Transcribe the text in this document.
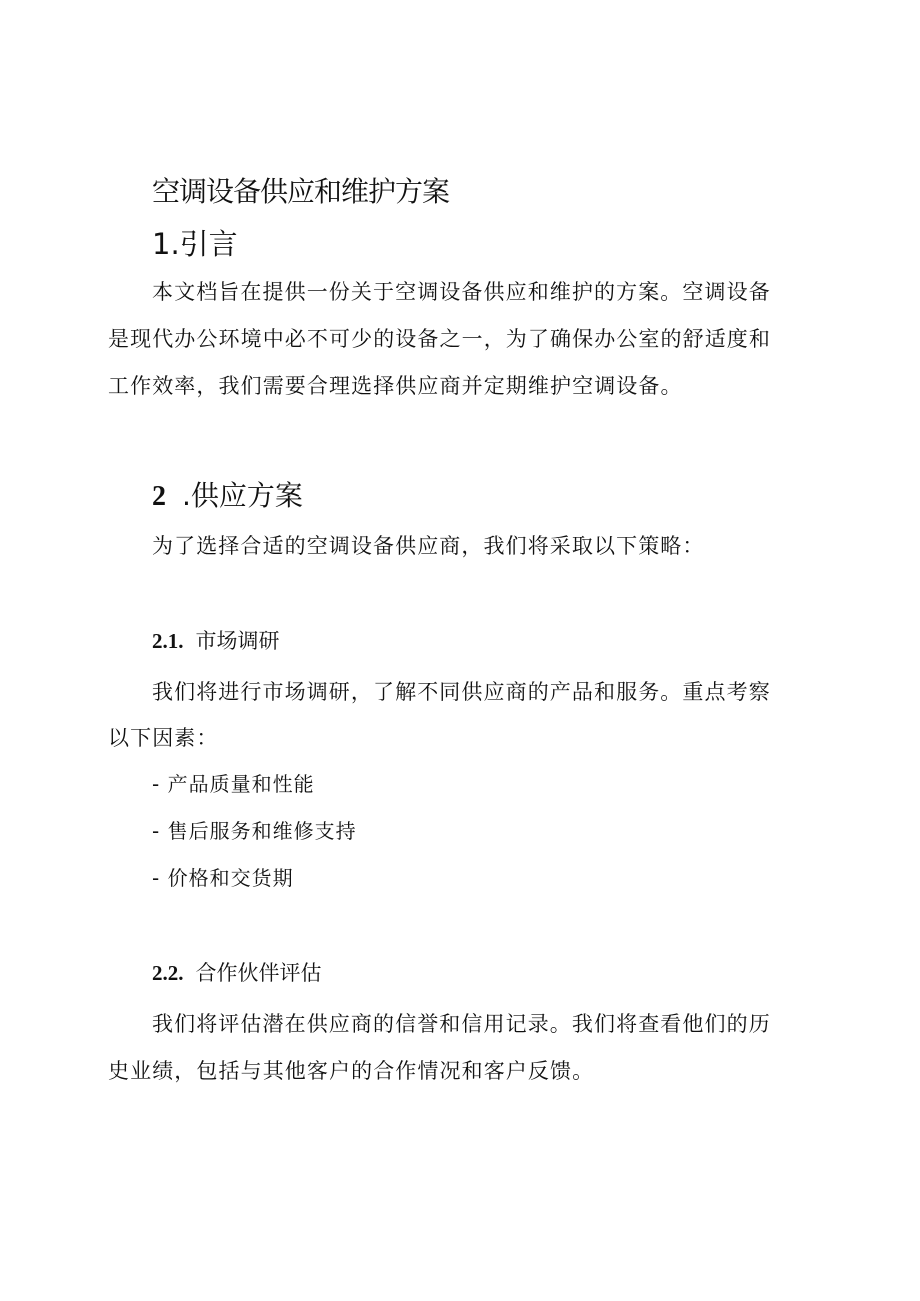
空调设备供应和维护方案
1.引言
本文档旨在提供一份关于空调设备供应和维护的方案。空调设备
是现代办公环境中必不可少的设备之一，为了确保办公室的舒适度和
工作效率，我们需要合理选择供应商并定期维护空调设备。
2 .供应方案
为了选择合适的空调设备供应商，我们将采取以下策略：
2.1. 市场调研
我们将进行市场调研，了解不同供应商的产品和服务。重点考察
以下因素：
- 产品质量和性能
- 售后服务和维修支持
- 价格和交货期
2.2. 合作伙伴评估
我们将评估潜在供应商的信誉和信用记录。我们将查看他们的历
史业绩，包括与其他客户的合作情况和客户反馈。
